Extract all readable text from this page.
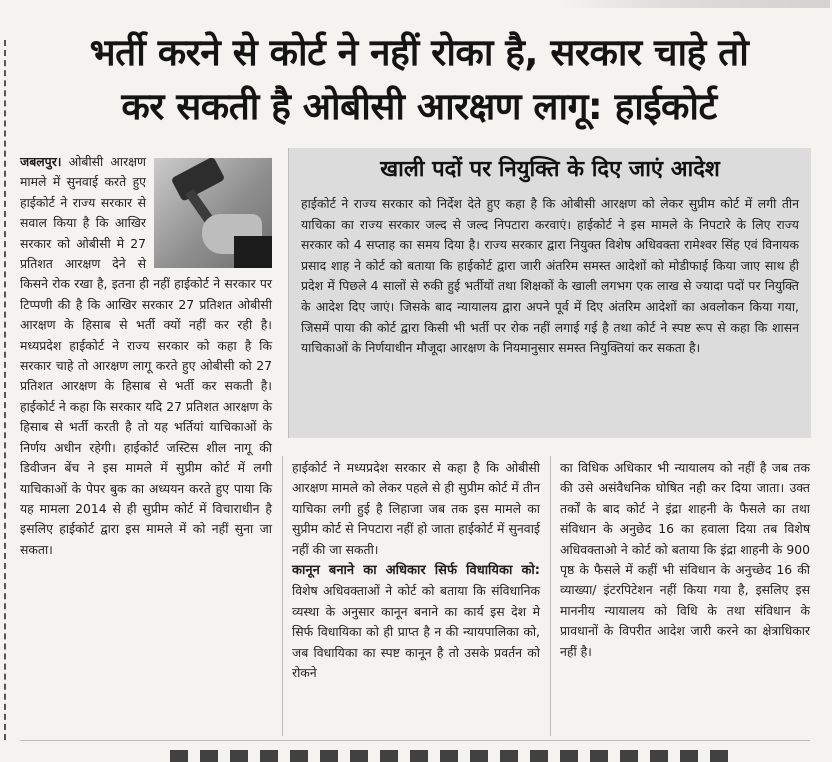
भर्ती करने से कोर्ट ने नहीं रोका है, सरकार चाहे तो
कर सकती है ओबीसी आरक्षण लागू: हाईकोर्ट

जबलपुर। ओबीसी आरक्षण मामले में सुनवाई करते हुए हाईकोर्ट ने राज्य सरकार से सवाल किया है कि आखिर सरकार को ओबीसी मे 27 प्रतिशत आरक्षण देने से किसने रोक रखा है, इतना ही नहीं हाईकोर्ट ने सरकार पर टिप्पणी की है कि आखिर सरकार 27 प्रतिशत ओबीसी आरक्षण के हिसाब से भर्ती क्यों नहीं कर रही है। मध्यप्रदेश हाईकोर्ट ने राज्य सरकार को कहा है कि सरकार चाहे तो आरक्षण लागू करते हुए ओबीसी को 27 प्रतिशत आरक्षण के हिसाब से भर्ती कर सकती है। हाईकोर्ट ने कहा कि सरकार यदि 27 प्रतिशत आरक्षण के हिसाब से भर्ती करती है तो यह भर्तियां याचिकाओं के निर्णय अधीन रहेगी। हाईकोर्ट जस्टिस शील नागू की डिवीजन बेंच ने इस मामले में सुप्रीम कोर्ट में लगी याचिकाओं के पेपर बुक का अध्ययन करते हुए पाया कि यह मामला 2014 से ही सुप्रीम कोर्ट में विचाराधीन है इसलिए हाईकोर्ट द्वारा इस मामले में को नहीं सुना जा सकता।

खाली पदों पर नियुक्ति के दिए जाएं आदेश

हाईकोर्ट ने राज्य सरकार को निर्देश देते हुए कहा है कि ओबीसी आरक्षण को लेकर सुप्रीम कोर्ट में लगी तीन याचिका का राज्य सरकार जल्द से जल्द निपटारा करवाएं। हाईकोर्ट ने इस मामले के निपटारे के लिए राज्य सरकार को 4 सप्ताह का समय दिया है। राज्य सरकार द्वारा नियुक्त विशेष अधिवक्ता रामेश्वर सिंह एवं विनायक प्रसाद शाह ने कोर्ट को बताया कि हाईकोर्ट द्वारा जारी अंतरिम समस्त आदेशों को मोडीफाई किया जाए साथ ही प्रदेश में पिछले 4 सालों से रुकी हुई भर्तीयों तथा शिक्षकों के खाली लगभग एक लाख से ज्यादा पदों पर नियुक्ति के आदेश दिए जाएं। जिसके बाद न्यायालय द्वारा अपने पूर्व में दिए अंतरिम आदेशों का अवलोकन किया गया, जिसमें पाया की कोर्ट द्वारा किसी भी भर्ती पर रोक नहीं लगाई गई है तथा कोर्ट ने स्पष्ट रूप से कहा कि शासन याचिकाओं के निर्णयाधीन मौजूदा आरक्षण के नियमानुसार समस्त नियुक्तियां कर सकता है।

हाईकोर्ट ने मध्यप्रदेश सरकार से कहा है कि ओबीसी आरक्षण मामले को लेकर पहले से ही सुप्रीम कोर्ट में तीन याचिका लगी हुई है लिहाजा जब तक इस मामले का सुप्रीम कोर्ट से निपटारा नहीं हो जाता हाईकोर्ट में सुनवाई नहीं की जा सकती।

कानून बनाने का अधिकार सिर्फ विधायिका को: विशेष अधिवक्ताओं ने कोर्ट को बताया कि संविधानिक व्यस्था के अनुसार कानून बनाने का कार्य इस देश मे सिर्फ विधायिका को ही प्राप्त है न की न्यायपालिका को, जब विधायिका का स्पष्ट कानून है तो उसके प्रवर्तन को रोकने

का विधिक अधिकार भी न्यायालय को नहीं है जब तक की उसे असंवैधनिक घोषित नही कर दिया जाता। उक्त तर्कों के बाद कोर्ट ने इंद्रा शाहनी के फैसले का तथा संविधान के अनुछेद 16 का हवाला दिया तब विशेष अधिवक्ताओ ने कोर्ट को बताया कि इंद्रा शाहनी के 900 पृष्ठ के फैसले में कहीं भी संविधान के अनुच्छेद 16 की व्याख्या/ इंटरपिटेशन नहीं किया गया है, इसलिए इस माननीय न्यायालय को विधि के तथा संविधान के प्रावधानों के विपरीत आदेश जारी करने का क्षेत्राधिकार नहीं है।
